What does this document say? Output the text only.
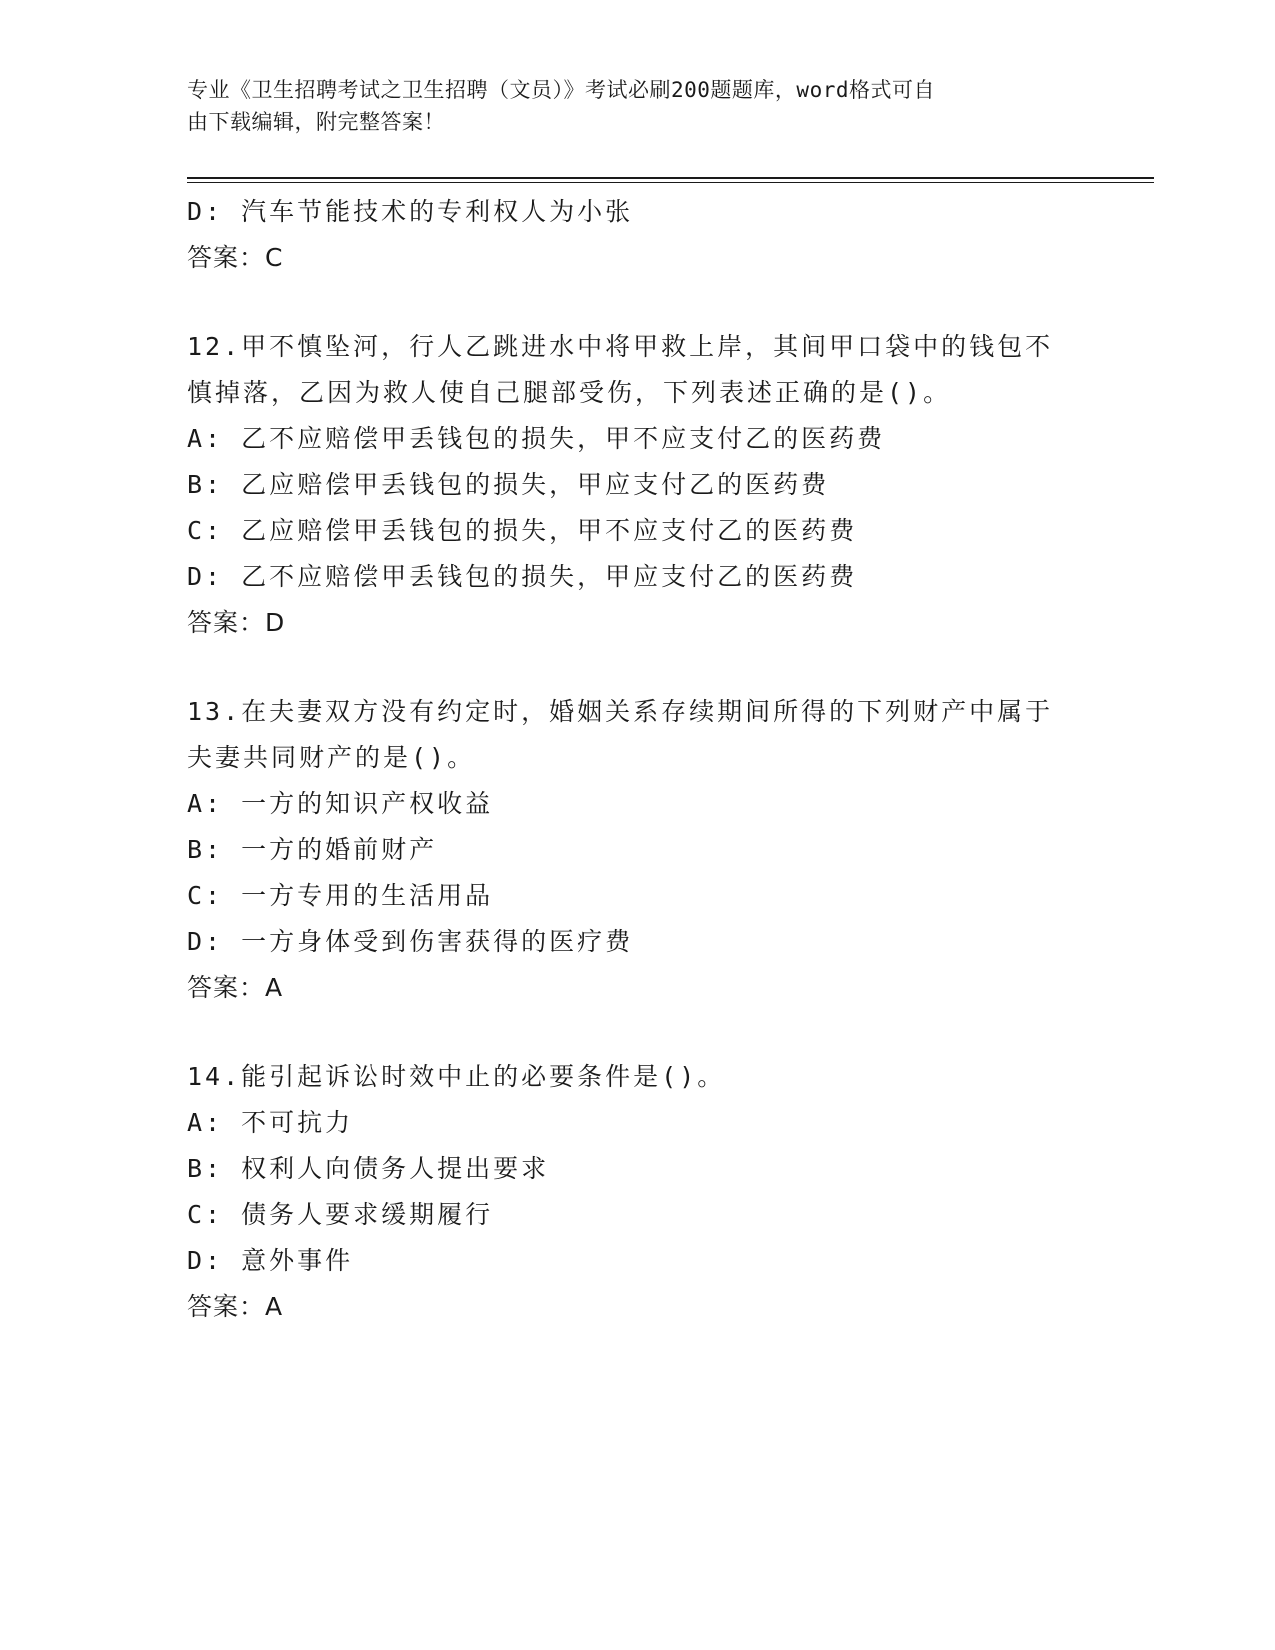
专业《卫生招聘考试之卫生招聘（文员）》考试必刷200题题库，word格式可自
由下载编辑，附完整答案！
D: 汽车节能技术的专利权人为小张
答案：C
12.甲不慎坠河，行人乙跳进水中将甲救上岸，其间甲口袋中的钱包不
慎掉落，乙因为救人使自己腿部受伤，下列表述正确的是()。
A: 乙不应赔偿甲丢钱包的损失，甲不应支付乙的医药费
B: 乙应赔偿甲丢钱包的损失，甲应支付乙的医药费
C: 乙应赔偿甲丢钱包的损失，甲不应支付乙的医药费
D: 乙不应赔偿甲丢钱包的损失，甲应支付乙的医药费
答案：D
13.在夫妻双方没有约定时，婚姻关系存续期间所得的下列财产中属于
夫妻共同财产的是()。
A: 一方的知识产权收益
B: 一方的婚前财产
C: 一方专用的生活用品
D: 一方身体受到伤害获得的医疗费
答案：A
14.能引起诉讼时效中止的必要条件是()。
A: 不可抗力
B: 权利人向债务人提出要求
C: 债务人要求缓期履行
D: 意外事件
答案：A
